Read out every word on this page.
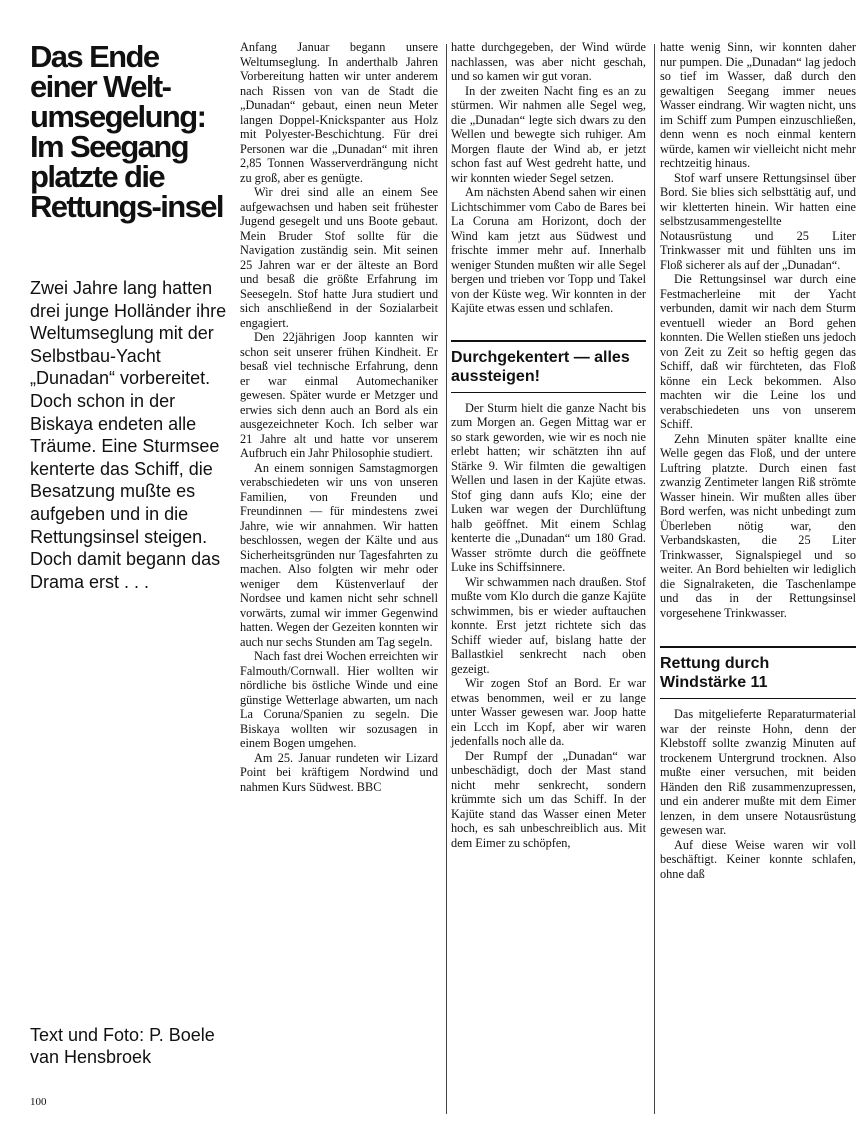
Das Ende einer Welt-umsegelung: Im Seegang platzte die Rettungs-insel

Zwei Jahre lang hatten drei junge Holländer ihre Weltumseglung mit der Selbstbau-Yacht „Dunadan“ vorbereitet. Doch schon in der Biskaya endeten alle Träume. Eine Sturmsee kenterte das Schiff, die Besatzung mußte es aufgeben und in die Rettungsinsel steigen. Doch damit begann das Drama erst . . .

Text und Foto: P. Boele van Hensbroek

100

Anfang Januar begann unsere Weltumseglung. In anderthalb Jahren Vorbereitung hatten wir unter anderem nach Rissen von van de Stadt die „Dunadan“ gebaut, einen neun Meter langen Doppel-Knickspanter aus Holz mit Polyester-Beschichtung. Für drei Personen war die „Dunadan“ mit ihren 2,85 Tonnen Wasserverdrängung nicht zu groß, aber es genügte.

Wir drei sind alle an einem See aufgewachsen und haben seit frühester Jugend gesegelt und uns Boote gebaut. Mein Bruder Stof sollte für die Navigation zuständig sein. Mit seinen 25 Jahren war er der älteste an Bord und besaß die größte Erfahrung im Seesegeln. Stof hatte Jura studiert und sich anschließend in der Sozialarbeit engagiert.

Den 22jährigen Joop kannten wir schon seit unserer frühen Kindheit. Er besaß viel technische Erfahrung, denn er war einmal Automechaniker gewesen. Später wurde er Metzger und erwies sich denn auch an Bord als ein ausgezeichneter Koch. Ich selber war 21 Jahre alt und hatte vor unserem Aufbruch ein Jahr Philosophie studiert.

An einem sonnigen Samstagmorgen verabschiedeten wir uns von unseren Familien, von Freunden und Freundinnen — für mindestens zwei Jahre, wie wir annahmen. Wir hatten beschlossen, wegen der Kälte und aus Sicherheitsgründen nur Tagesfahrten zu machen. Also folgten wir mehr oder weniger dem Küstenverlauf der Nordsee und kamen nicht sehr schnell vorwärts, zumal wir immer Gegenwind hatten. Wegen der Gezeiten konnten wir auch nur sechs Stunden am Tag segeln.

Nach fast drei Wochen erreichten wir Falmouth/Cornwall. Hier wollten wir nördliche bis östliche Winde und eine günstige Wetterlage abwarten, um nach La Coruna/Spanien zu segeln. Die Biskaya wollten wir sozusagen in einem Bogen umgehen.

Am 25. Januar rundeten wir Lizard Point bei kräftigem Nordwind und nahmen Kurs Südwest. BBC

hatte durchgegeben, der Wind würde nachlassen, was aber nicht geschah, und so kamen wir gut voran.

In der zweiten Nacht fing es an zu stürmen. Wir nahmen alle Segel weg, die „Dunadan“ legte sich dwars zu den Wellen und bewegte sich ruhiger. Am Morgen flaute der Wind ab, er jetzt schon fast auf West gedreht hatte, und wir konnten wieder Segel setzen.

Am nächsten Abend sahen wir einen Lichtschimmer vom Cabo de Bares bei La Coruna am Horizont, doch der Wind kam jetzt aus Südwest und frischte immer mehr auf. Innerhalb weniger Stunden mußten wir alle Segel bergen und trieben vor Topp und Takel von der Küste weg. Wir konnten in der Kajüte etwas essen und schlafen.

Durchgekentert — alles aussteigen!

Der Sturm hielt die ganze Nacht bis zum Morgen an. Gegen Mittag war er so stark geworden, wie wir es noch nie erlebt hatten; wir schätzten ihn auf Stärke 9. Wir filmten die gewaltigen Wellen und lasen in der Kajüte etwas. Stof ging dann aufs Klo; eine der Luken war wegen der Durchlüftung halb geöffnet. Mit einem Schlag kenterte die „Dunadan“ um 180 Grad. Wasser strömte durch die geöffnete Luke ins Schiffsinnere.

Wir schwammen nach draußen. Stof mußte vom Klo durch die ganze Kajüte schwimmen, bis er wieder auftauchen konnte. Erst jetzt richtete sich das Schiff wieder auf, bislang hatte der Ballastkiel senkrecht nach oben gezeigt.

Wir zogen Stof an Bord. Er war etwas benommen, weil er zu lange unter Wasser gewesen war. Joop hatte ein Lcch im Kopf, aber wir waren jedenfalls noch alle da.

Der Rumpf der „Dunadan“ war unbeschädigt, doch der Mast stand nicht mehr senkrecht, sondern krümmte sich um das Schiff. In der Kajüte stand das Wasser einen Meter hoch, es sah unbeschreiblich aus. Mit dem Eimer zu schöpfen,

hatte wenig Sinn, wir konnten daher nur pumpen. Die „Dunadan“ lag jedoch so tief im Wasser, daß durch den gewaltigen Seegang immer neues Wasser eindrang. Wir wagten nicht, uns im Schiff zum Pumpen einzuschließen, denn wenn es noch einmal kentern würde, kamen wir vielleicht nicht mehr rechtzeitig hinaus.

Stof warf unsere Rettungsinsel über Bord. Sie blies sich selbsttätig auf, und wir kletterten hinein. Wir hatten eine selbstzusammengestellte Notausrüstung und 25 Liter Trinkwasser mit und fühlten uns im Floß sicherer als auf der „Dunadan“.

Die Rettungsinsel war durch eine Festmacherleine mit der Yacht verbunden, damit wir nach dem Sturm eventuell wieder an Bord gehen konnten. Die Wellen stießen uns jedoch von Zeit zu Zeit so heftig gegen das Schiff, daß wir fürchteten, das Floß könne ein Leck bekommen. Also machten wir die Leine los und verabschiedeten uns von unserem Schiff.

Zehn Minuten später knallte eine Welle gegen das Floß, und der untere Luftring platzte. Durch einen fast zwanzig Zentimeter langen Riß strömte Wasser hinein. Wir mußten alles über Bord werfen, was nicht unbedingt zum Überleben nötig war, den Verbandskasten, die 25 Liter Trinkwasser, Signalspiegel und so weiter. An Bord behielten wir lediglich die Signalraketen, die Taschenlampe und das in der Rettungsinsel vorgesehene Trinkwasser.

Rettung durch Windstärke 11

Das mitgelieferte Reparaturmaterial war der reinste Hohn, denn der Klebstoff sollte zwanzig Minuten auf trockenem Untergrund trocknen. Also mußte einer versuchen, mit beiden Händen den Riß zusammenzupressen, und ein anderer mußte mit dem Eimer lenzen, in dem unsere Notausrüstung gewesen war.

Auf diese Weise waren wir voll beschäftigt. Keiner konnte schlafen, ohne daß
